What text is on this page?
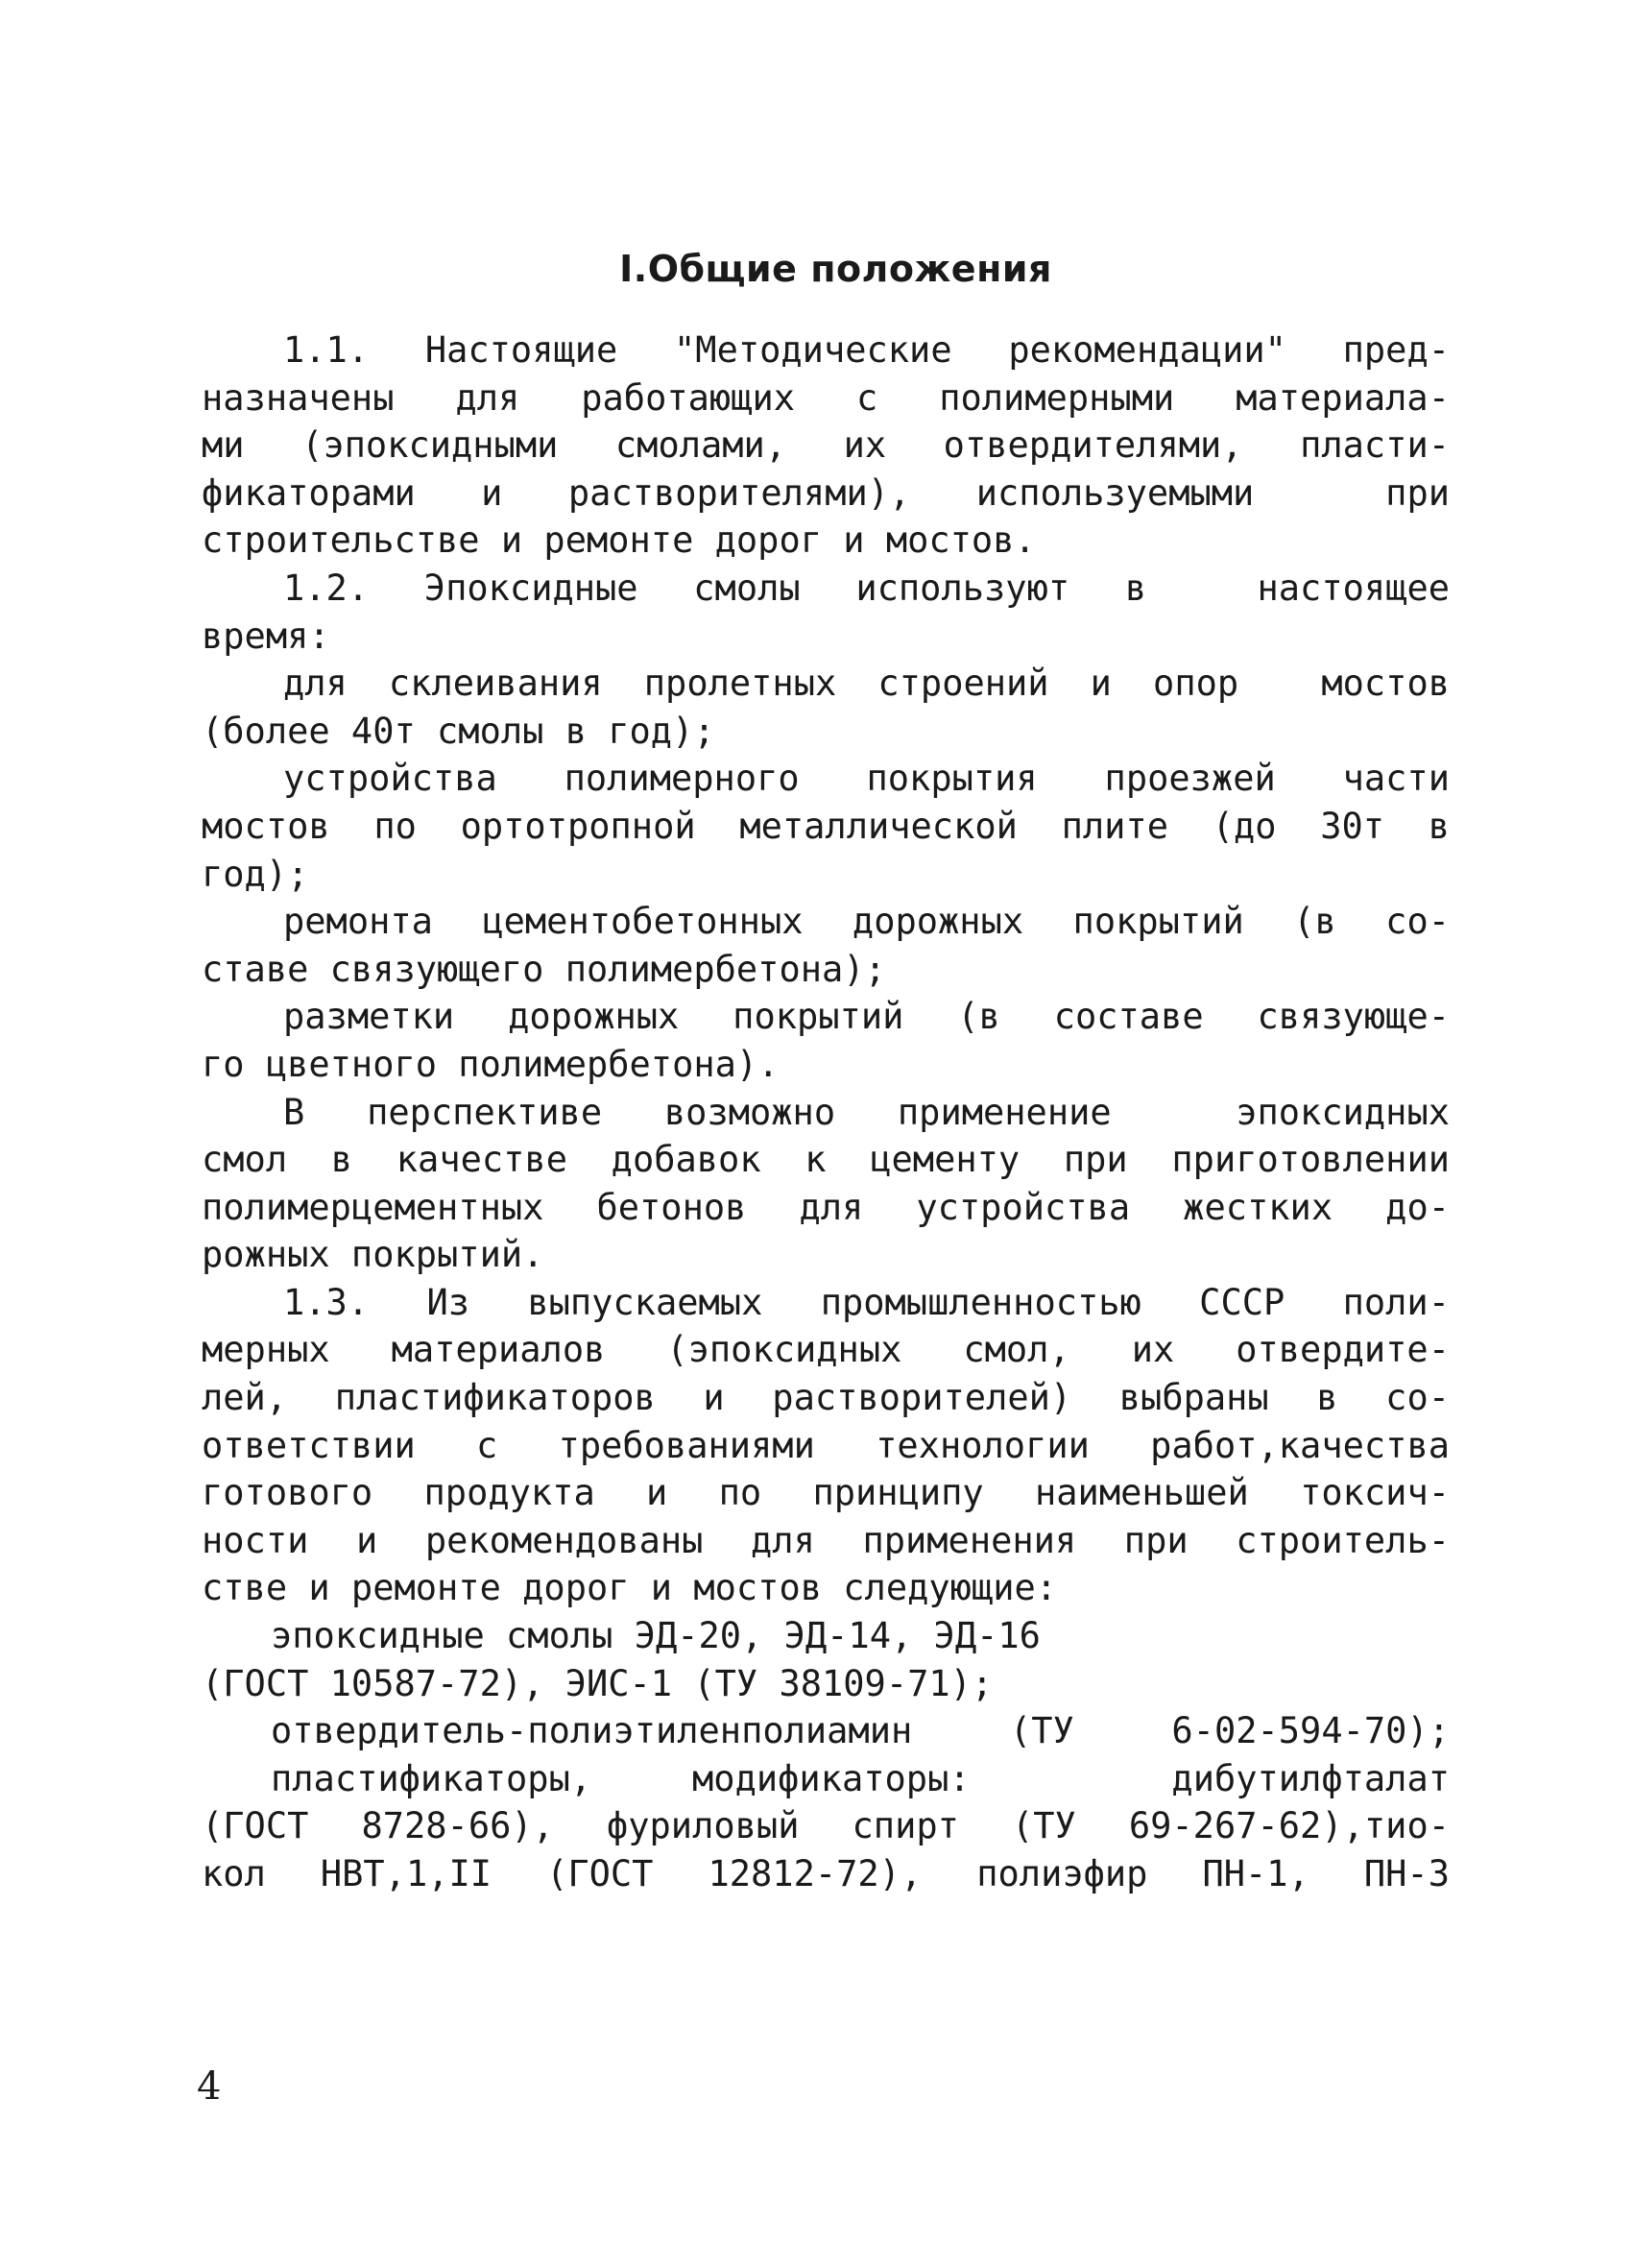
I.Общие положения
1.1. Настоящие "Методические рекомендации" пред-
назначены для работающих с полимерными материала-
ми (эпоксидными смолами, их отвердителями, пласти-
фикаторами и растворителями), используемыми  при
строительстве и ремонте дорог и мостов.
1.2. Эпоксидные смолы используют в  настоящее
время:
для склеивания пролетных строений и опор  мостов
(более 40т смолы в год);
устройства полимерного покрытия проезжей части
мостов по ортотропной металлической плите (до 30т в
год);
ремонта цементобетонных дорожных покрытий (в со-
ставе связующего полимербетона);
разметки дорожных покрытий (в составе связующе-
го цветного полимербетона).
В перспективе возможно применение  эпоксидных
смол в качестве добавок к цементу при приготовлении
полимерцементных бетонов для устройства жестких до-
рожных покрытий.
1.3. Из выпускаемых промышленностью СССР поли-
мерных материалов (эпоксидных смол, их отвердите-
лей, пластификаторов и растворителей) выбраны в со-
ответствии с требованиями технологии работ,качества
готового продукта и по принципу наименьшей токсич-
ности и рекомендованы для применения при строитель-
стве и ремонте дорог и мостов следующие:
эпоксидные смолы ЭД-20, ЭД-14, ЭД-16
(ГОСТ 10587-72), ЭИС-1 (ТУ 38109-71);
отвердитель-полиэтиленполиамин (ТУ 6-02-594-70);
пластификаторы, модификаторы:  дибутилфталат
(ГОСТ 8728-66), фуриловый спирт (ТУ 69-267-62),тио-
кол НВТ,1,II (ГОСТ 12812-72), полиэфир ПН-1, ПН-3
4
